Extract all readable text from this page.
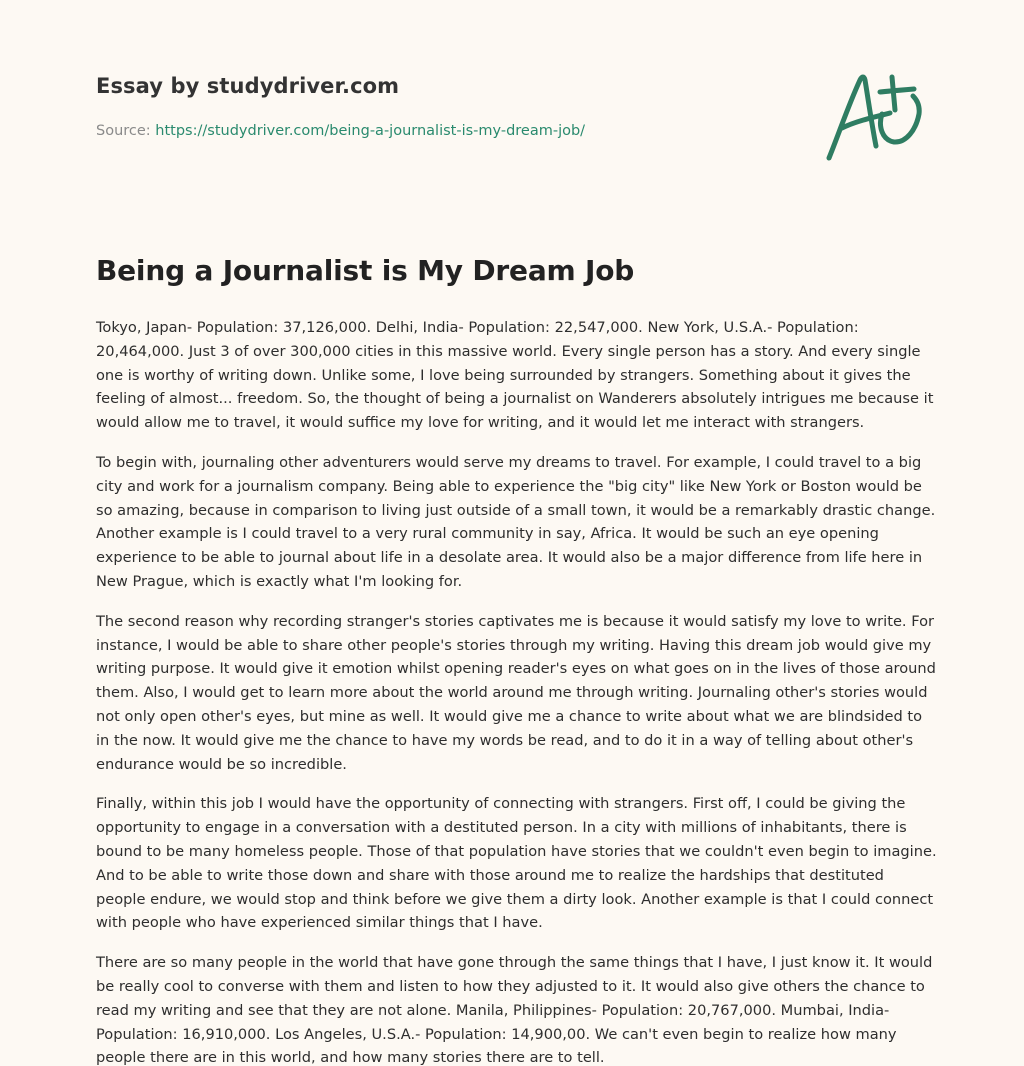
Essay by studydriver.com
Source: https://studydriver.com/being-a-journalist-is-my-dream-job/
Being a Journalist is My Dream Job

Tokyo, Japan- Population: 37,126,000. Delhi, India- Population: 22,547,000. New York, U.S.A.- Population: 20,464,000. Just 3 of over 300,000 cities in this massive world. Every single person has a story. And every single one is worthy of writing down. Unlike some, I love being surrounded by strangers. Something about it gives the feeling of almost... freedom. So, the thought of being a journalist on Wanderers absolutely intrigues me because it would allow me to travel, it would suffice my love for writing, and it would let me interact with strangers.

To begin with, journaling other adventurers would serve my dreams to travel. For example, I could travel to a big city and work for a journalism company. Being able to experience the "big city" like New York or Boston would be so amazing, because in comparison to living just outside of a small town, it would be a remarkably drastic change. Another example is I could travel to a very rural community in say, Africa. It would be such an eye opening experience to be able to journal about life in a desolate area. It would also be a major difference from life here in New Prague, which is exactly what I'm looking for.

The second reason why recording stranger's stories captivates me is because it would satisfy my love to write. For instance, I would be able to share other people's stories through my writing. Having this dream job would give my writing purpose. It would give it emotion whilst opening reader's eyes on what goes on in the lives of those around them. Also, I would get to learn more about the world around me through writing. Journaling other's stories would not only open other's eyes, but mine as well. It would give me a chance to write about what we are blindsided to in the now. It would give me the chance to have my words be read, and to do it in a way of telling about other's endurance would be so incredible.

Finally, within this job I would have the opportunity of connecting with strangers. First off, I could be giving the opportunity to engage in a conversation with a destituted person. In a city with millions of inhabitants, there is bound to be many homeless people. Those of that population have stories that we couldn't even begin to imagine. And to be able to write those down and share with those around me to realize the hardships that destituted people endure, we would stop and think before we give them a dirty look. Another example is that I could connect with people who have experienced similar things that I have.

There are so many people in the world that have gone through the same things that I have, I just know it. It would be really cool to converse with them and listen to how they adjusted to it. It would also give others the chance to read my writing and see that they are not alone. Manila, Philippines- Population: 20,767,000. Mumbai, India- Population: 16,910,000. Los Angeles, U.S.A.- Population: 14,900,00. We can't even begin to realize how many people there are in this world, and how many stories there are to tell.
